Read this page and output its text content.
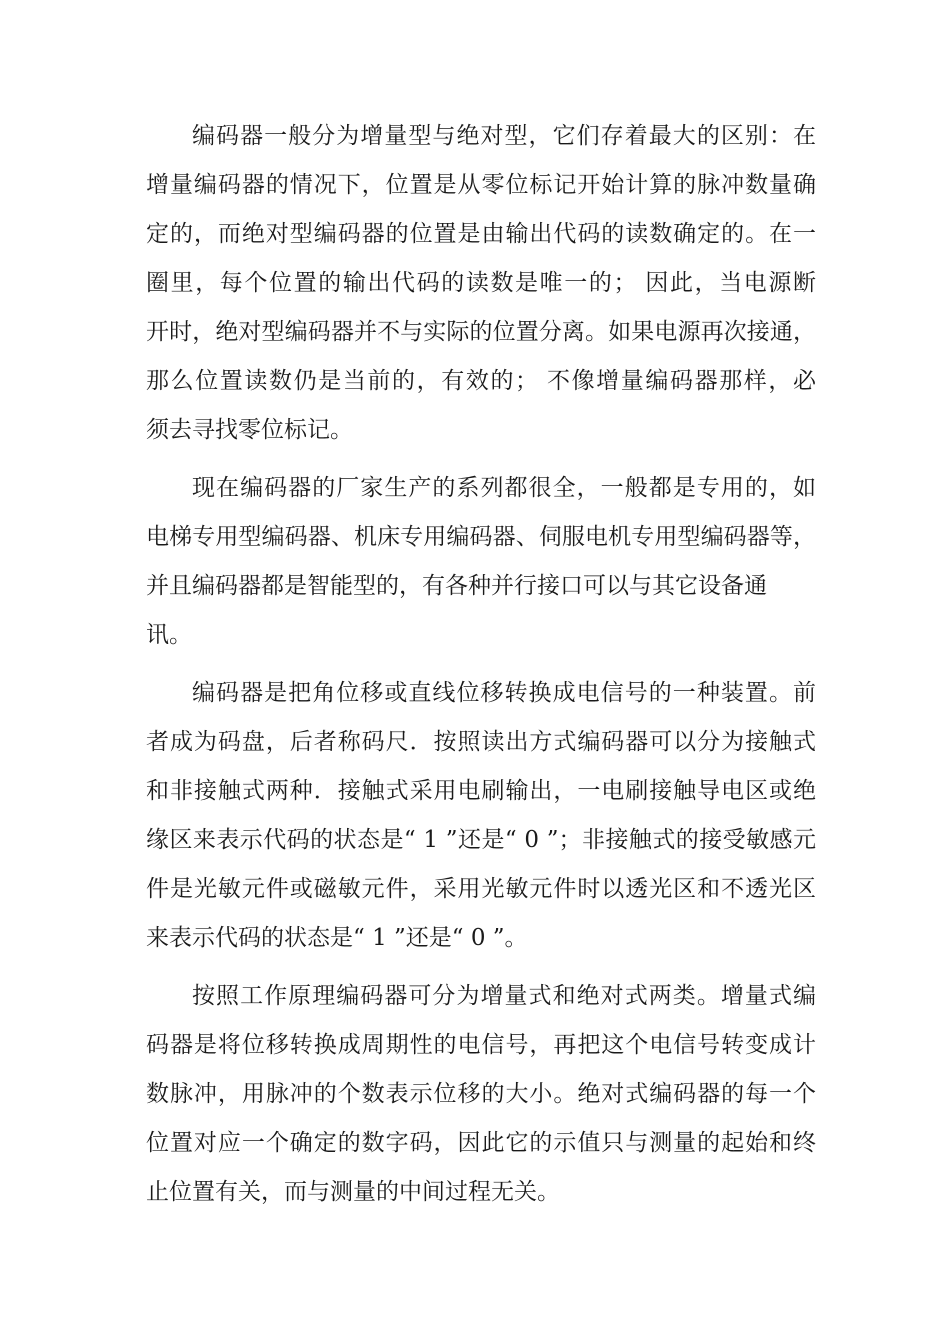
编码器一般分为增量型与绝对型，它们存着最大的区别：在
增量编码器的情况下，位置是从零位标记开始计算的脉冲数量确
定的，而绝对型编码器的位置是由输出代码的读数确定的。在一
圈里，每个位置的输出代码的读数是唯一的； 因此，当电源断
开时，绝对型编码器并不与实际的位置分离。如果电源再次接通，
那么位置读数仍是当前的，有效的； 不像增量编码器那样，必
须去寻找零位标记。
现在编码器的厂家生产的系列都很全，一般都是专用的，如
电梯专用型编码器、机床专用编码器、伺服电机专用型编码器等，
并且编码器都是智能型的，有各种并行接口可以与其它设备通
讯。
编码器是把角位移或直线位移转换成电信号的一种装置。前
者成为码盘，后者称码尺．按照读出方式编码器可以分为接触式
和非接触式两种．接触式采用电刷输出，一电刷接触导电区或绝
缘区来表示代码的状态是“ 1 ”还是“ 0 ”；非接触式的接受敏感元
件是光敏元件或磁敏元件，采用光敏元件时以透光区和不透光区
来表示代码的状态是“ 1 ”还是“ 0 ”。
按照工作原理编码器可分为增量式和绝对式两类。增量式编
码器是将位移转换成周期性的电信号，再把这个电信号转变成计
数脉冲，用脉冲的个数表示位移的大小。绝对式编码器的每一个
位置对应一个确定的数字码，因此它的示值只与测量的起始和终
止位置有关，而与测量的中间过程无关。
